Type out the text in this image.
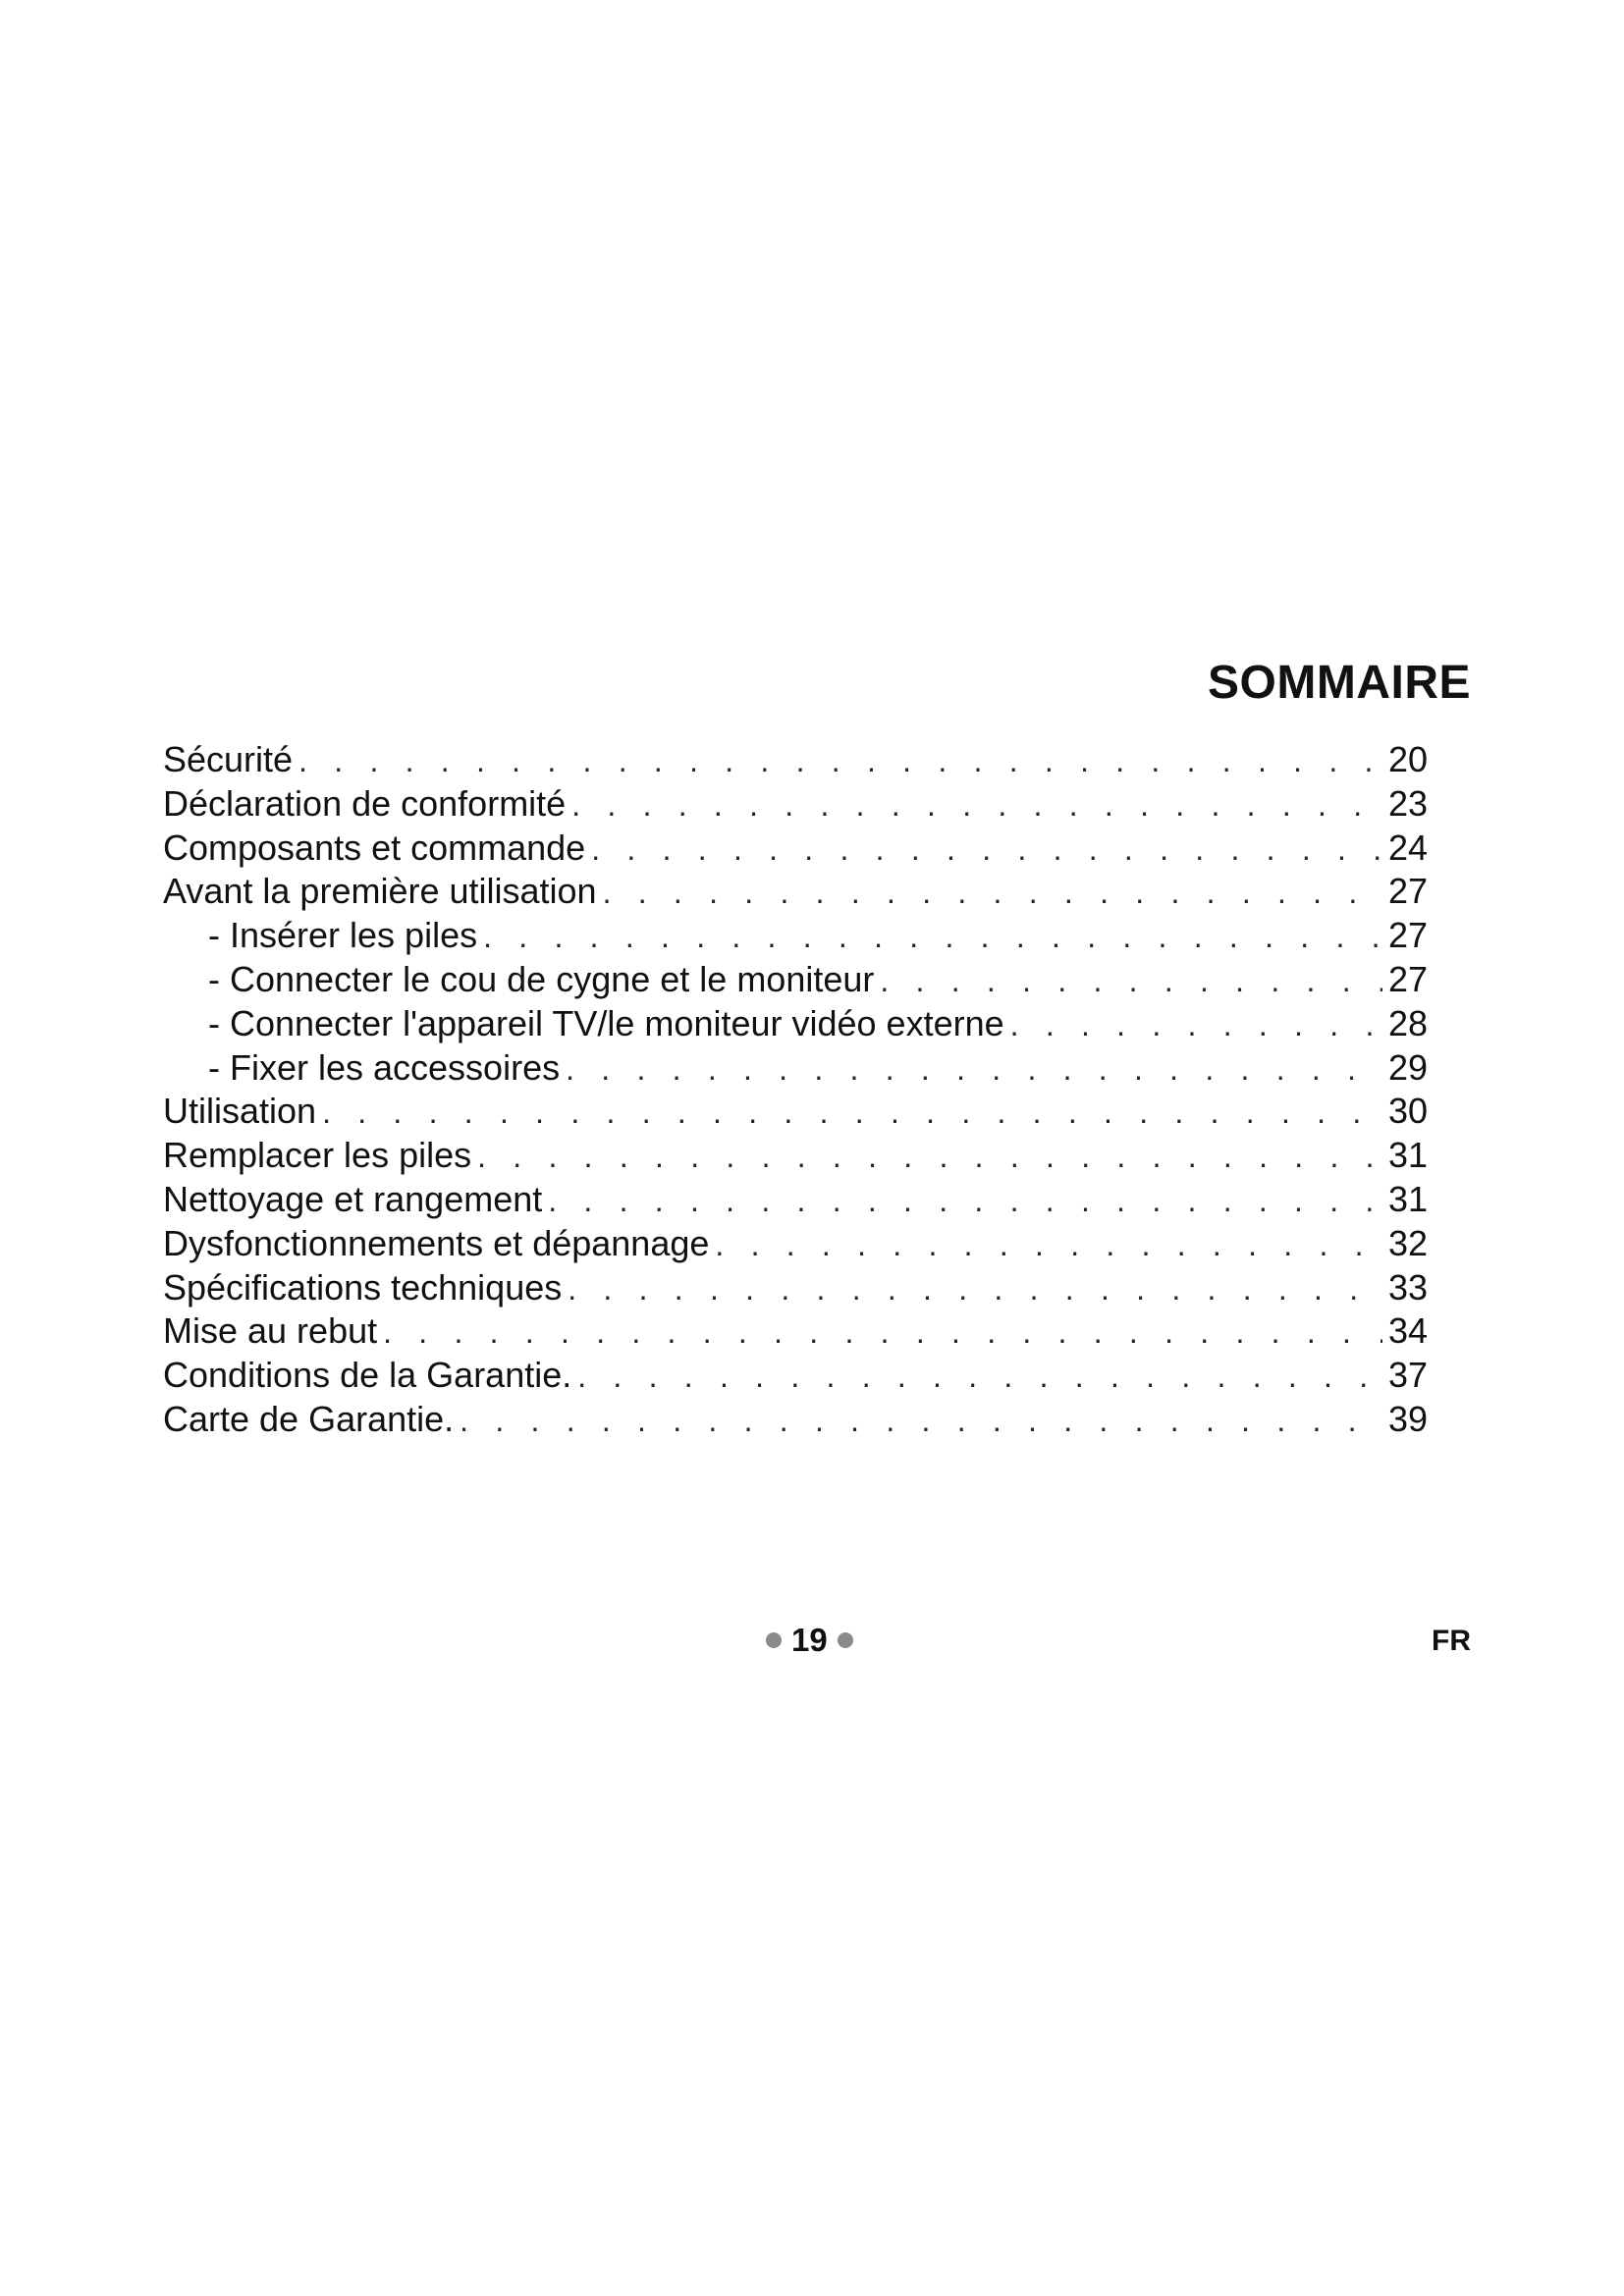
SOMMAIRE
Sécurité . . .	20
Déclaration de conformité . . .	23
Composants et commande . . .	24
Avant la première utilisation . . .	27
- Insérer les piles . . .	27
- Connecter le cou de cygne et le moniteur . . .	27
- Connecter l'appareil TV/le moniteur vidéo externe . . .	28
- Fixer les accessoires . . .	29
Utilisation . . .	30
Remplacer les piles . . .	31
Nettoyage et rangement . . .	31
Dysfonctionnements et dépannage . . .	32
Spécifications techniques . . .	33
Mise au rebut . . .	34
Conditions de la Garantie. . . .	37
Carte de Garantie. . . .	39
19	FR
